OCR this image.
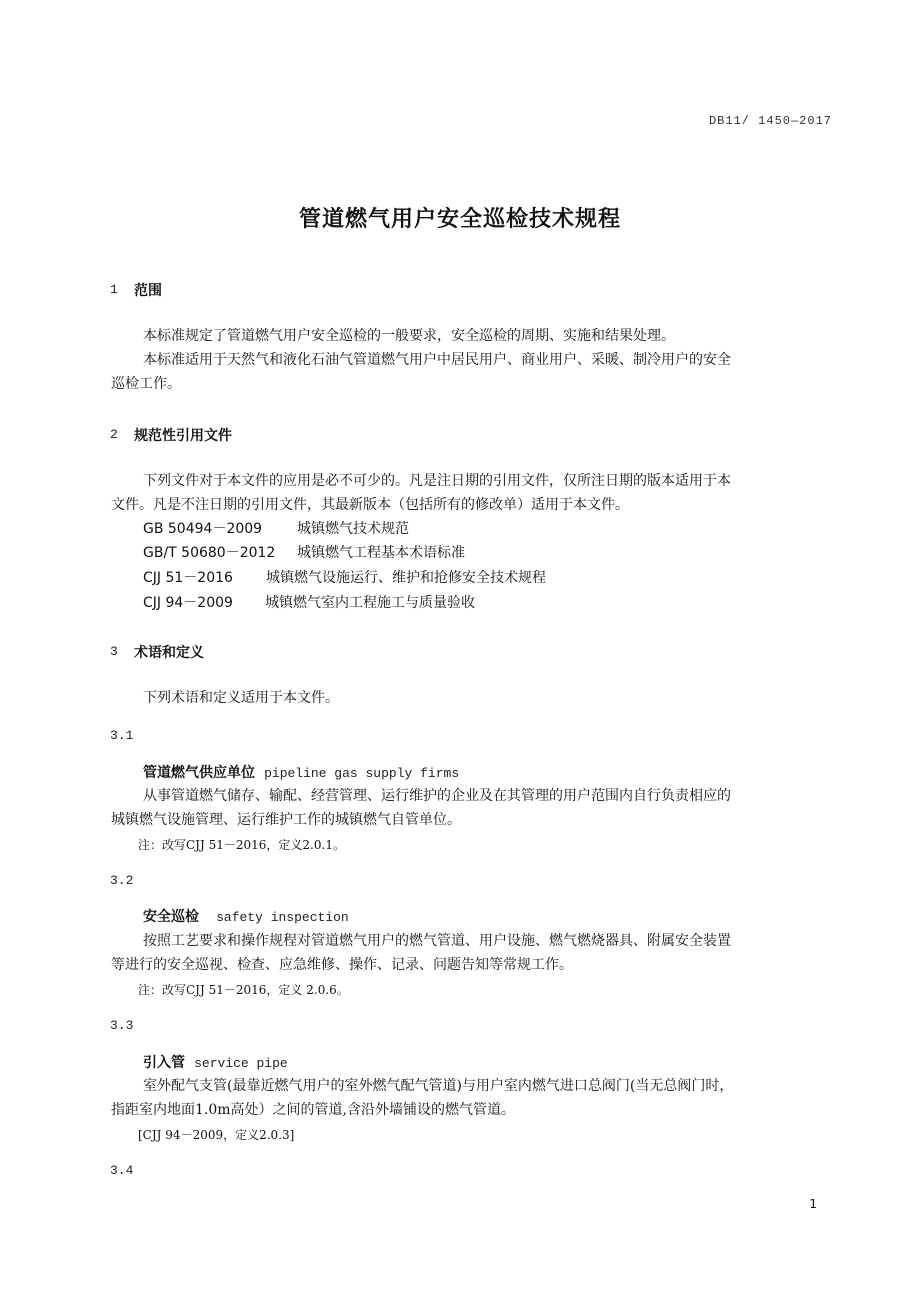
DB11/ 1450—2017
管道燃气用户安全巡检技术规程
1 范围
本标准规定了管道燃气用户安全巡检的一般要求，安全巡检的周期、实施和结果处理。
本标准适用于天然气和液化石油气管道燃气用户中居民用户、商业用户、采暖、制冷用户的安全
巡检工作。
2 规范性引用文件
下列文件对于本文件的应用是必不可少的。凡是注日期的引用文件，仅所注日期的版本适用于本
文件。凡是不注日期的引用文件，其最新版本（包括所有的修改单）适用于本文件。
GB 50494－2009 城镇燃气技术规范
GB/T 50680－2012 城镇燃气工程基本术语标准
CJJ 51－2016 城镇燃气设施运行、维护和抢修安全技术规程
CJJ 94－2009 城镇燃气室内工程施工与质量验收
3 术语和定义
下列术语和定义适用于本文件。
3.1
管道燃气供应单位 pipeline gas supply firms
从事管道燃气储存、输配、经营管理、运行维护的企业及在其管理的用户范围内自行负责相应的
城镇燃气设施管理、运行维护工作的城镇燃气自管单位。
注：改写CJJ 51－2016，定义2.0.1。
3.2
安全巡检 safety inspection
按照工艺要求和操作规程对管道燃气用户的燃气管道、用户设施、燃气燃烧器具、附属安全装置
等进行的安全巡视、检查、应急维修、操作、记录、问题告知等常规工作。
注：改写CJJ 51－2016，定义 2.0.6。
3.3
引入管 service pipe
室外配气支管(最靠近燃气用户的室外燃气配气管道)与用户室内燃气进口总阀门(当无总阀门时，
指距室内地面1.0m高处）之间的管道,含沿外墙铺设的燃气管道。
[CJJ 94－2009，定义2.0.3]
3.4
1
